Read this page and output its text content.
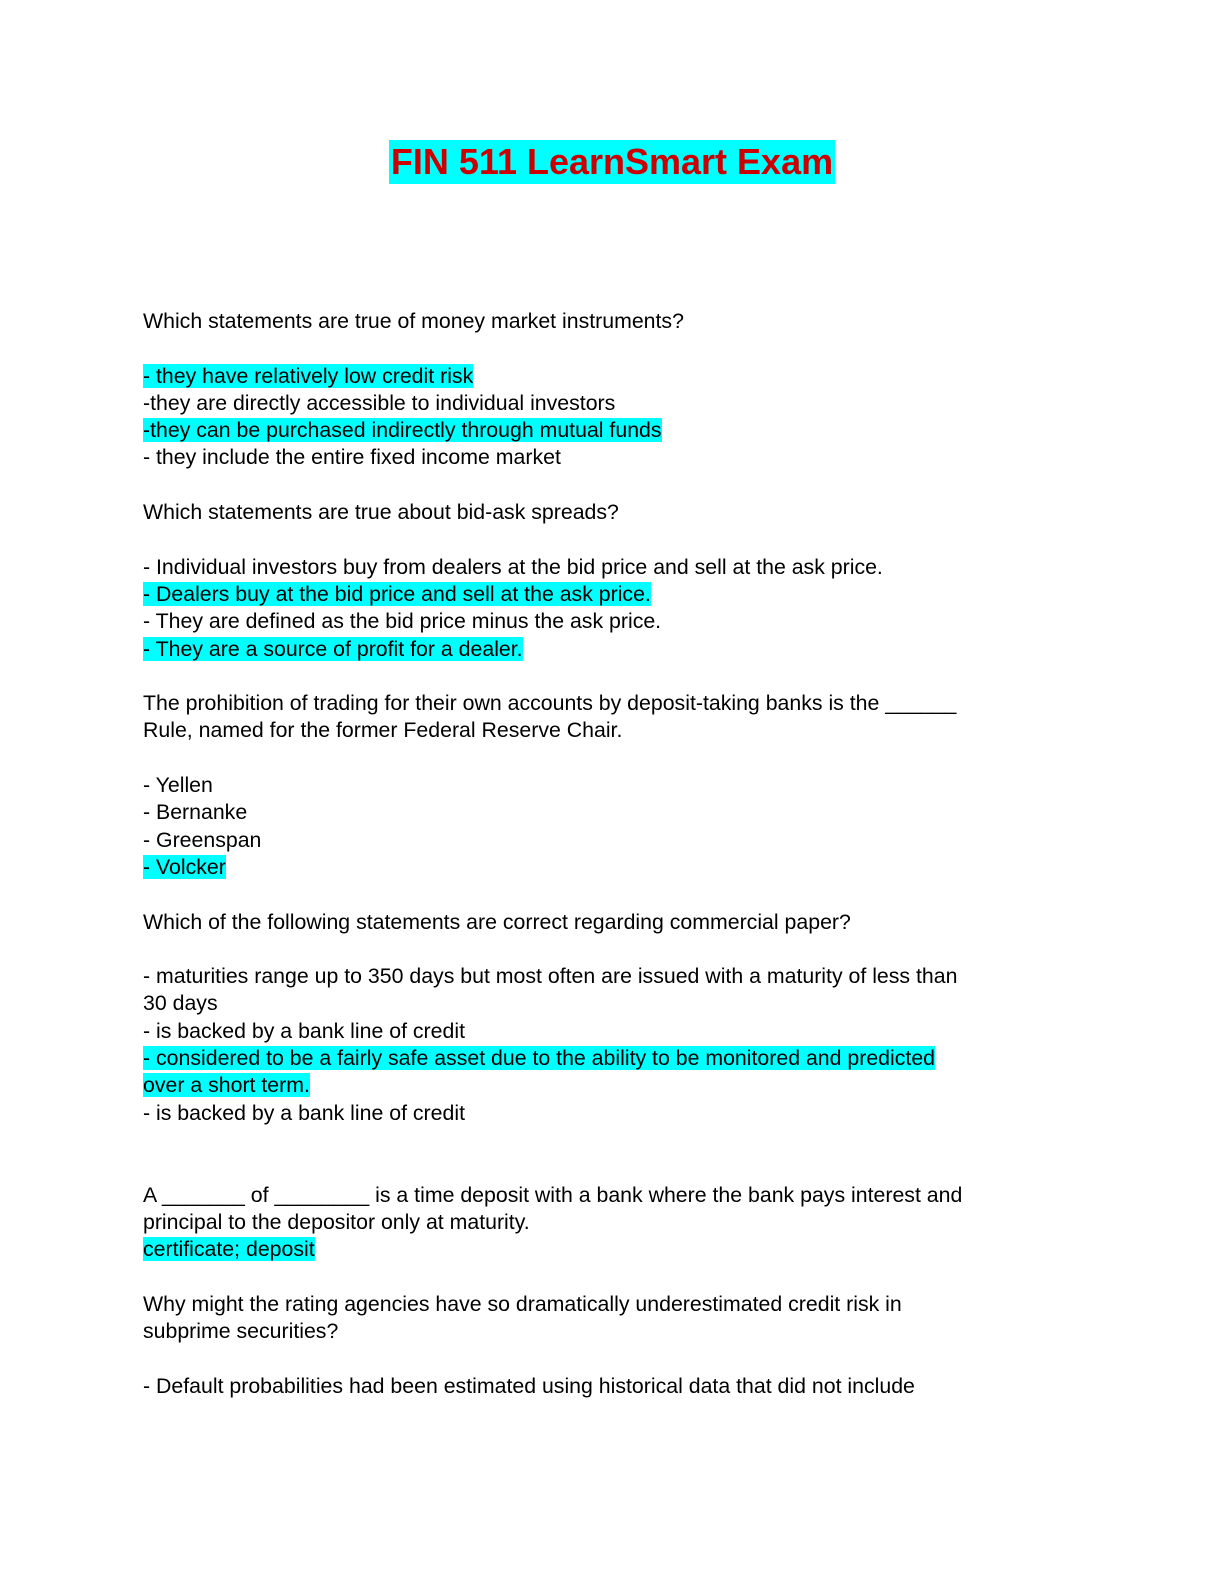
FIN 511 LearnSmart Exam
Which statements are true of money market instruments?
- they have relatively low credit risk
-they are directly accessible to individual investors
-they can be purchased indirectly through mutual funds
- they include the entire fixed income market
Which statements are true about bid-ask spreads?
- Individual investors buy from dealers at the bid price and sell at the ask price.
- Dealers buy at the bid price and sell at the ask price.
- They are defined as the bid price minus the ask price.
- They are a source of profit for a dealer.
The prohibition of trading for their own accounts by deposit-taking banks is the ______
Rule, named for the former Federal Reserve Chair.
- Yellen
- Bernanke
- Greenspan
- Volcker
Which of the following statements are correct regarding commercial paper?
- maturities range up to 350 days but most often are issued with a maturity of less than
30 days
- is backed by a bank line of credit
- considered to be a fairly safe asset due to the ability to be monitored and predicted
over a short term.
- is backed by a bank line of credit
A _______ of ________ is a time deposit with a bank where the bank pays interest and
principal to the depositor only at maturity.
certificate; deposit
Why might the rating agencies have so dramatically underestimated credit risk in
subprime securities?
- Default probabilities had been estimated using historical data that did not include
